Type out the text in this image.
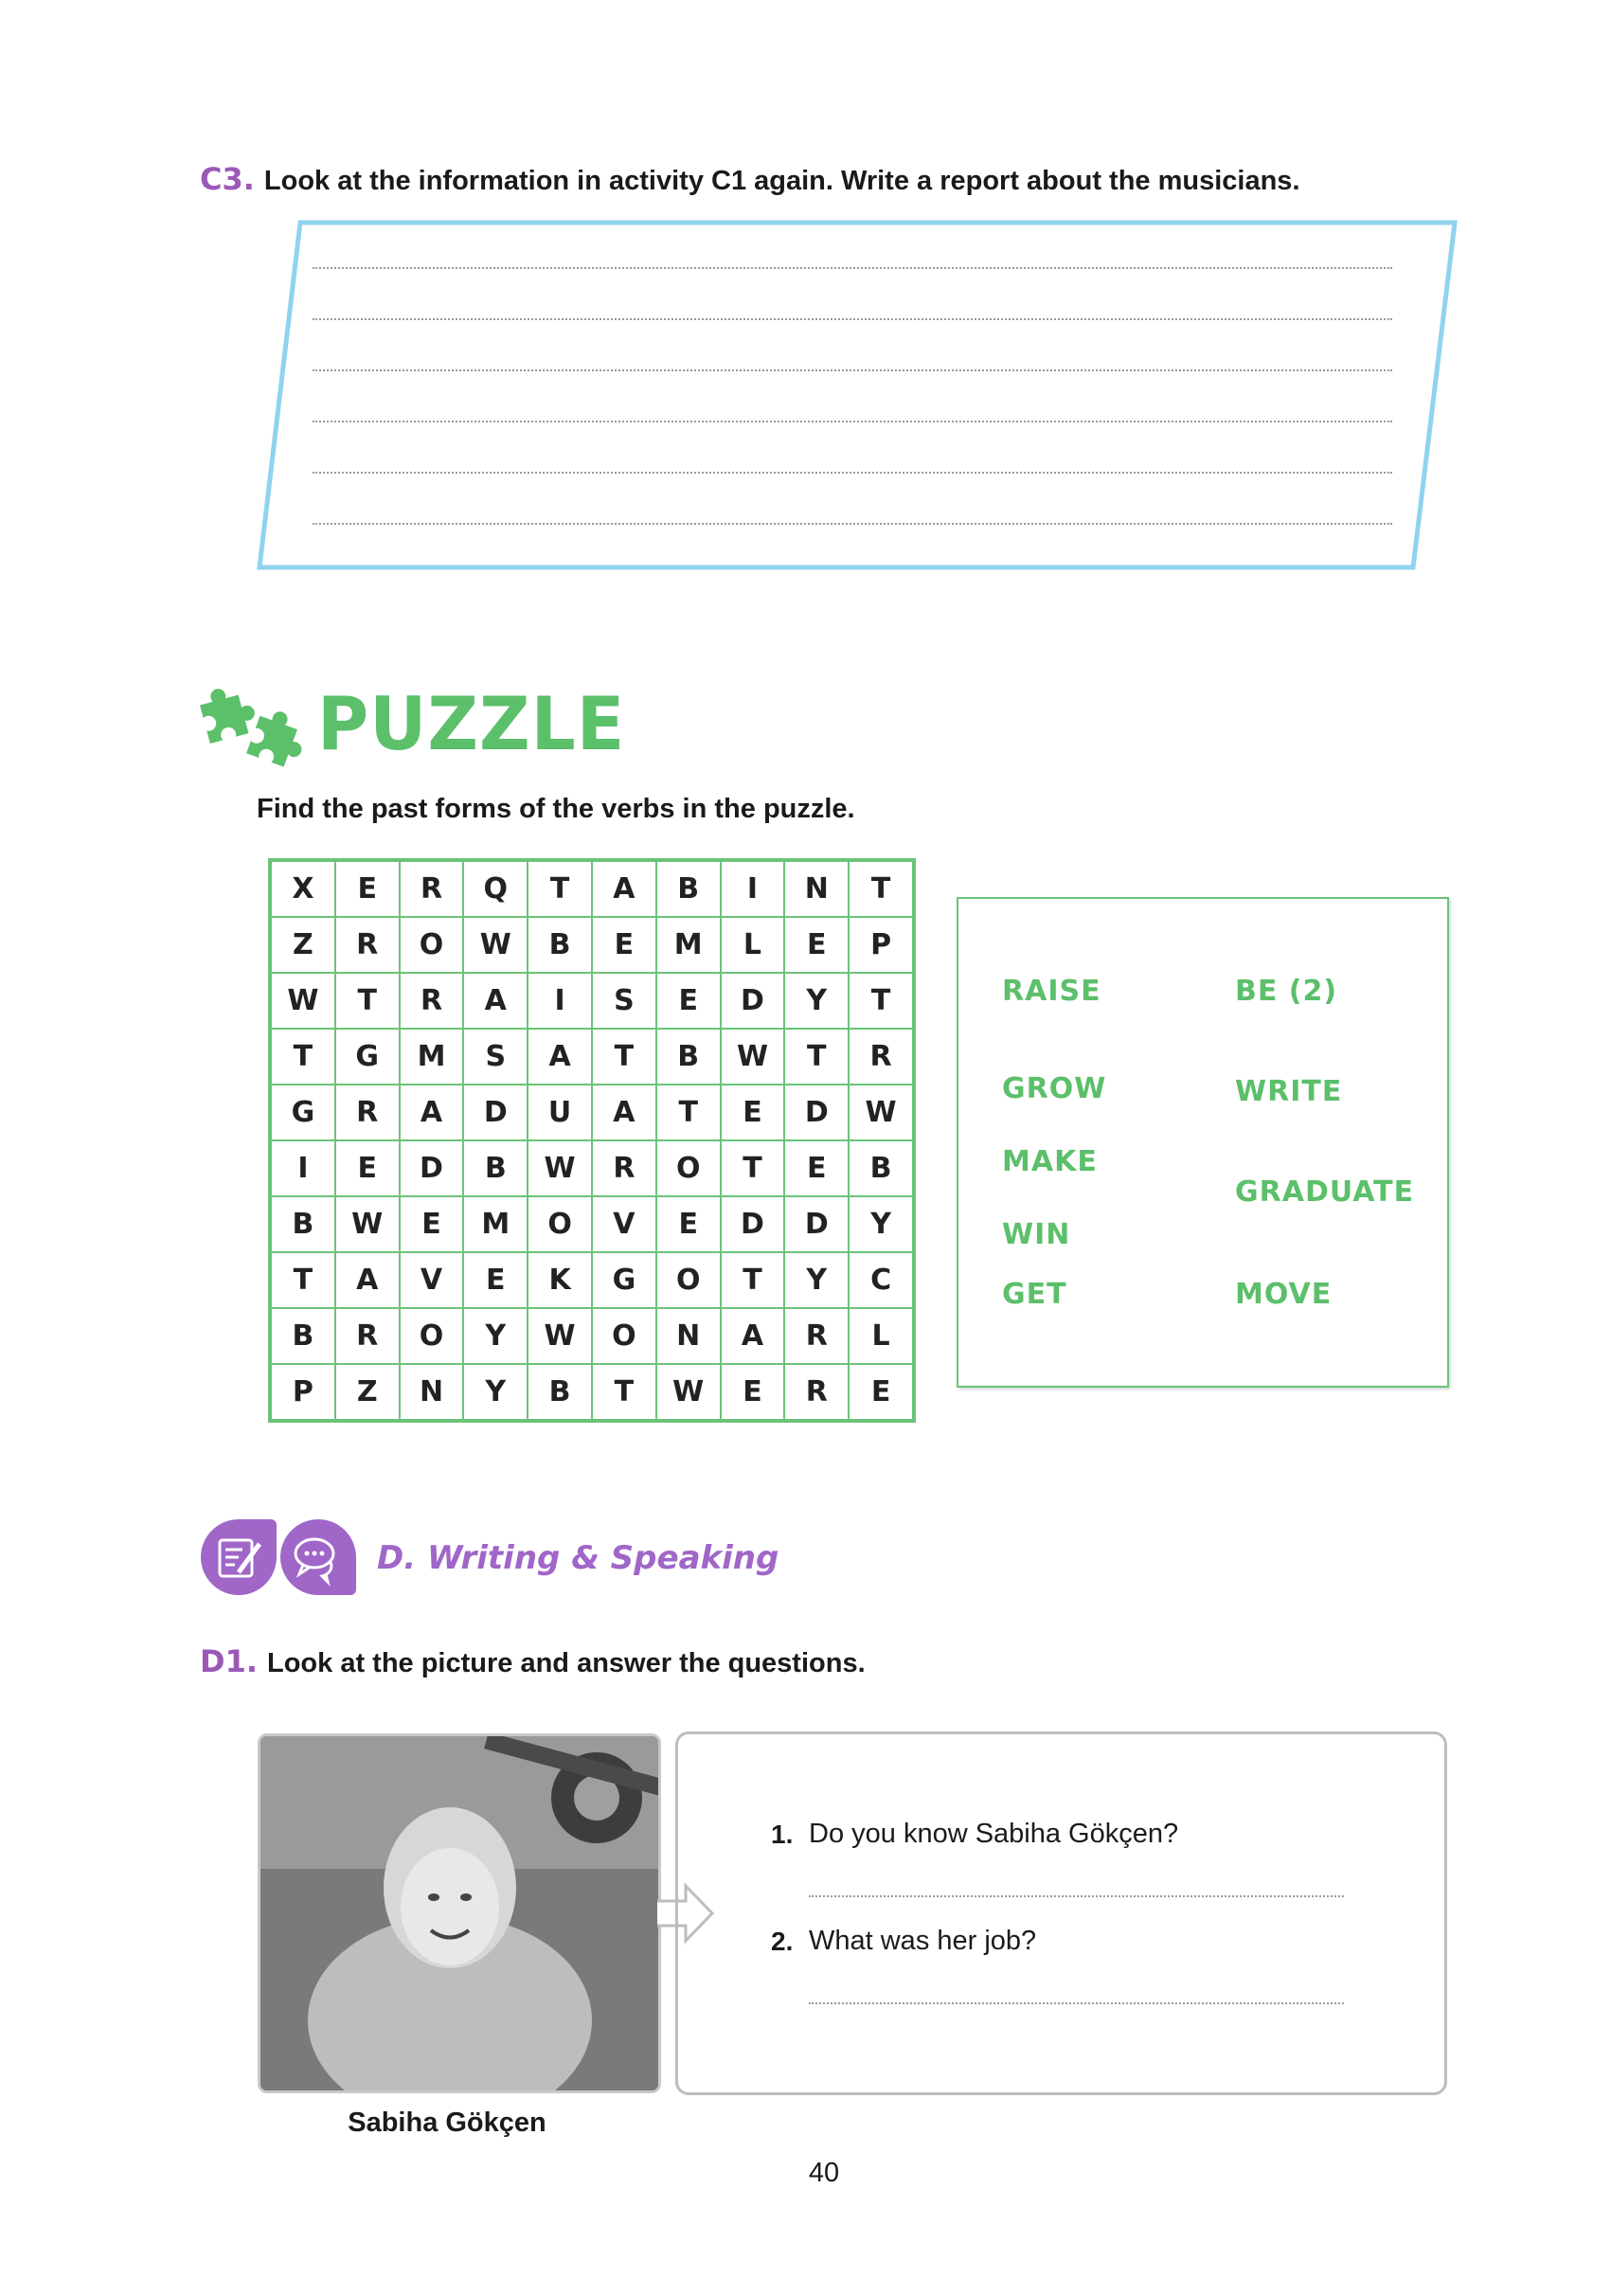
C3. Look at the information in activity C1 again. Write a report about the musicians.
PUZZLE
Find the past forms of the verbs in the puzzle.
X	E	R	Q	T	A	B	I	N	T
Z	R	O	W	B	E	M	L	E	P
W	T	R	A	I	S	E	D	Y	T
T	G	M	S	A	T	B	W	T	R
G	R	A	D	U	A	T	E	D	W
I	E	D	B	W	R	O	T	E	B
B	W	E	M	O	V	E	D	D	Y
T	A	V	E	K	G	O	T	Y	C
B	R	O	Y	W	O	N	A	R	L
P	Z	N	Y	B	T	W	E	R	E
RAISE
GROW
MAKE
WIN
GET
BE (2)
WRITE
GRADUATE
MOVE
D. Writing & Speaking
D1. Look at the picture and answer the questions.
Sabiha Gökçen
1. Do you know Sabiha Gökçen?
2. What was her job?
40
